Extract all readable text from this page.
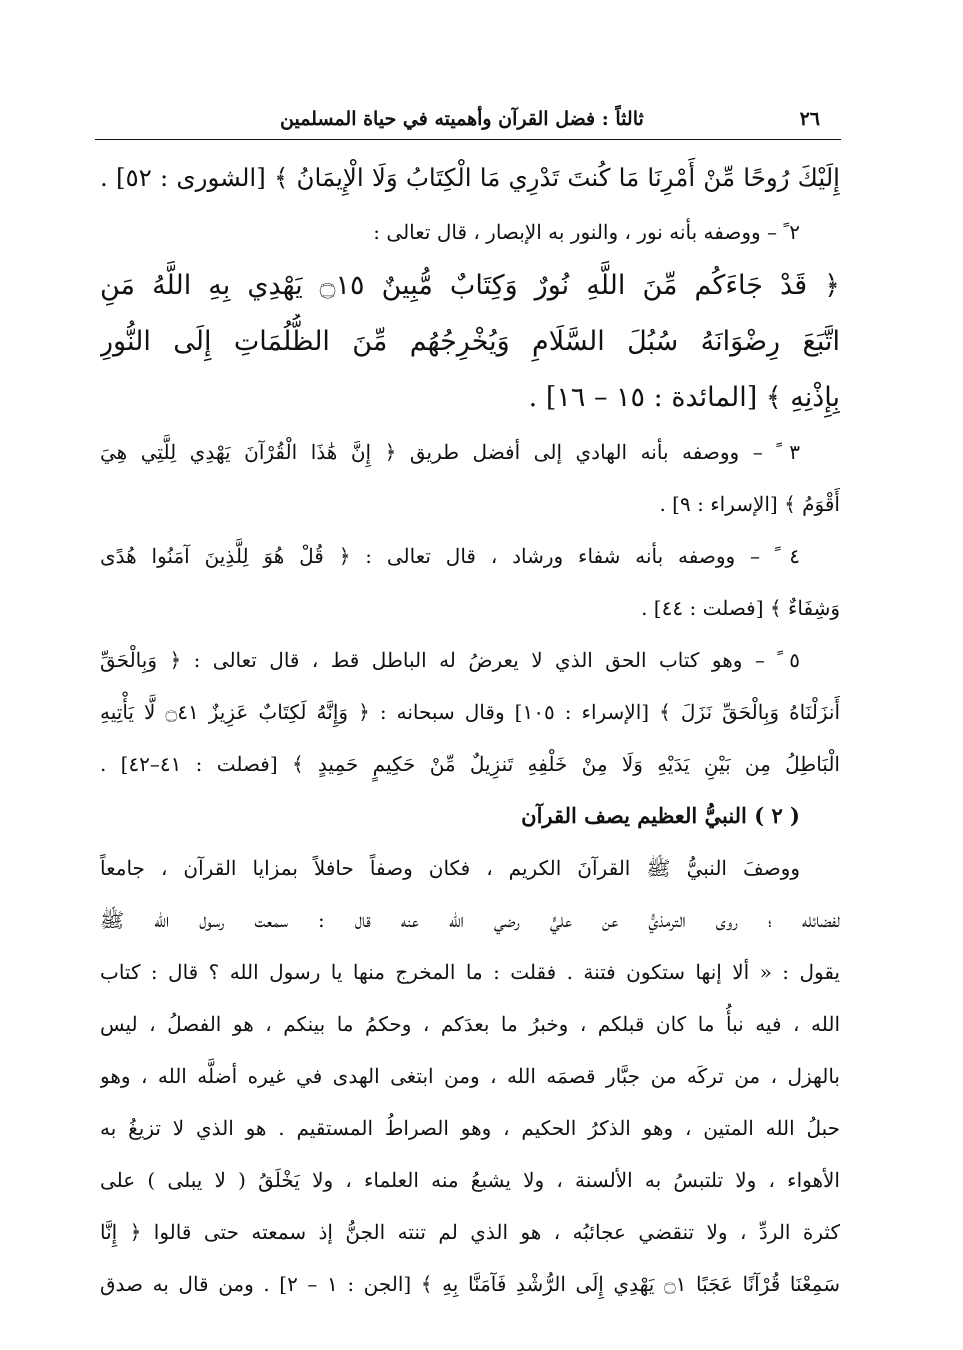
٢٦
ثالثاً : فضل القرآن وأهميته في حياة المسلمين
إِلَيْكَ رُوحًا مِّنْ أَمْرِنَا مَا كُنتَ تَدْرِي مَا الْكِتَابُ وَلَا الْإِيمَانُ ﴾ [الشورى : ٥٢] .
٢ ً – ووصفه بأنه نور ، والنور به الإبصار ، قال تعالى :
﴿ قَدْ جَاءَكُم مِّنَ اللَّهِ نُورٌ وَكِتَابٌ مُّبِينٌ ۝١٥ يَهْدِي بِهِ اللَّهُ مَنِ
اتَّبَعَ رِضْوَانَهُ سُبُلَ السَّلَامِ وَيُخْرِجُهُم مِّنَ الظُّلُمَاتِ إِلَى النُّورِ
بِإِذْنِهِ ﴾ [المائدة : ١٥ – ١٦] .
٣ ً – ووصفه بأنه الهادي إلى أفضل طريق ﴿ إِنَّ هَٰذَا الْقُرْآنَ يَهْدِي لِلَّتِي هِيَ
أَقْوَمُ ﴾ [الإسراء : ٩] .
٤ ً – ووصفه بأنه شفاء ورشاد ، قال تعالى : ﴿ قُلْ هُوَ لِلَّذِينَ آمَنُوا هُدًى
وَشِفَاءٌ ﴾ [فصلت : ٤٤] .
٥ ً – وهو كتاب الحق الذي لا يعرضُ له الباطل قط ، قال تعالى : ﴿ وَبِالْحَقِّ
أَنزَلْنَاهُ وَبِالْحَقِّ نَزَلَ ﴾ [الإسراء : ١٠٥] وقال سبحانه : ﴿ وَإِنَّهُ لَكِتَابٌ عَزِيزٌ ۝٤١ لَّا يَأْتِيهِ
الْبَاطِلُ مِن بَيْنِ يَدَيْهِ وَلَا مِنْ خَلْفِهِ تَنزِيلٌ مِّنْ حَكِيمٍ حَمِيدٍ ﴾ [فصلت : ٤١–٤٢] .
( ٢ ) النبيُّ العظيم يصف القرآن
ووصفَ النبيُّ ﷺ القرآنَ الكريم ، فكان وصفاً حافلاً بمزايا القرآن ، جامعاً
لفضائله ؛ روى الترمذيُّ عن عليٍّ رضي الله عنه قال : سمعت رسول الله ﷺ
يقول : « ألا إنها ستكون فتنة . فقلت : ما المخرج منها يا رسول الله ؟ قال : كتاب
الله ، فيه نبأُ ما كان قبلكم ، وخبرُ ما بعدَكم ، وحكمُ ما بينكم ، هو الفصلُ ، ليس
بالهزل ، من تركَه من جبَّار قصمَه الله ، ومن ابتغى الهدى في غيره أضلَّه الله ، وهو
حبلُ الله المتين ، وهو الذكرُ الحكيم ، وهو الصراطُ المستقيم . هو الذي لا تزيغُ به
الأهواء ، ولا تلتبسُ به الألسنة ، ولا يشبعُ منه العلماء ، ولا يَخْلَقُ ( لا يبلى ) على
كثرة الردِّ ، ولا تنقضي عجائبُه ، هو الذي لم تنته الجنُّ إذ سمعته حتى قالوا ﴿ إِنَّا
سَمِعْنَا قُرْآنًا عَجَبًا ۝١ يَهْدِي إِلَى الرُّشْدِ فَآمَنَّا بِهِ ﴾ [الجن : ١ – ٢] . ومن قال به صدق
